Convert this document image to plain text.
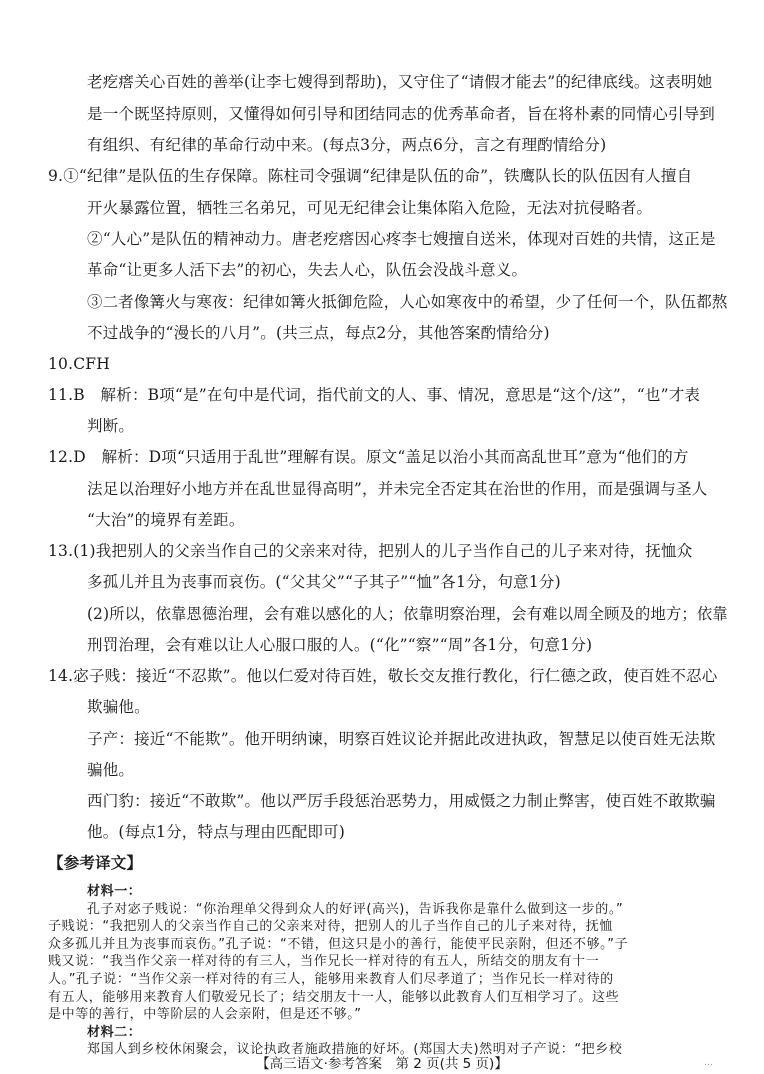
老疙瘩关心百姓的善举(让李七嫂得到帮助)，又守住了“请假才能去”的纪律底线。这表明她
是一个既坚持原则，又懂得如何引导和团结同志的优秀革命者，旨在将朴素的同情心引导到
有组织、有纪律的革命行动中来。(每点3分，两点6分，言之有理酌情给分)
9.①“纪律”是队伍的生存保障。陈柱司令强调“纪律是队伍的命”，铁鹰队长的队伍因有人擅自
开火暴露位置，牺牲三名弟兄，可见无纪律会让集体陷入危险，无法对抗侵略者。
②“人心”是队伍的精神动力。唐老疙瘩因心疼李七嫂擅自送米，体现对百姓的共情，这正是
革命“让更多人活下去”的初心，失去人心，队伍会没战斗意义。
③二者像篝火与寒夜：纪律如篝火抵御危险，人心如寒夜中的希望，少了任何一个，队伍都熬
不过战争的“漫长的八月”。(共三点，每点2分，其他答案酌情给分)
10.CFH
11.B　解析：B项“是”在句中是代词，指代前文的人、事、情况，意思是“这个/这”，“也”才表
判断。
12.D　解析：D项“只适用于乱世”理解有误。原文“盖足以治小其而高乱世耳”意为“他们的方
法足以治理好小地方并在乱世显得高明”，并未完全否定其在治世的作用，而是强调与圣人
“大治”的境界有差距。
13.(1)我把别人的父亲当作自己的父亲来对待，把别人的儿子当作自己的儿子来对待，抚恤众
多孤儿并且为丧事而哀伤。(“父其父”“子其子”“恤”各1分，句意1分)
(2)所以，依靠恩德治理，会有难以感化的人；依靠明察治理，会有难以周全顾及的地方；依靠
刑罚治理，会有难以让人心服口服的人。(“化”“察”“周”各1分，句意1分)
14.宓子贱：接近“不忍欺”。他以仁爱对待百姓，敬长交友推行教化，行仁德之政，使百姓不忍心
欺骗他。
子产：接近“不能欺”。他开明纳谏，明察百姓议论并据此改进执政，智慧足以使百姓无法欺
骗他。
西门豹：接近“不敢欺”。他以严厉手段惩治恶势力，用威慑之力制止弊害，使百姓不敢欺骗
他。(每点1分，特点与理由匹配即可)
【参考译文】
材料一：
孔子对宓子贱说：“你治理单父得到众人的好评(高兴)，告诉我你是靠什么做到这一步的。”
子贱说：“我把别人的父亲当作自己的父亲来对待，把别人的儿子当作自己的儿子来对待，抚恤
众多孤儿并且为丧事而哀伤。”孔子说：“不错，但这只是小的善行，能使平民亲附，但还不够。”子
贱又说：“我当作父亲一样对待的有三人，当作兄长一样对待的有五人，所结交的朋友有十一
人。”孔子说：“当作父亲一样对待的有三人，能够用来教育人们尽孝道了；当作兄长一样对待的
有五人，能够用来教育人们敬爱兄长了；结交朋友十一人，能够以此教育人们互相学习了。这些
是中等的善行，中等阶层的人会亲附，但是还不够。”
材料二：
郑国人到乡校休闲聚会，议论执政者施政措施的好坏。(郑国大夫)然明对子产说：“把乡校
【高三语文·参考答案　第 2 页(共 5 页)】	…
